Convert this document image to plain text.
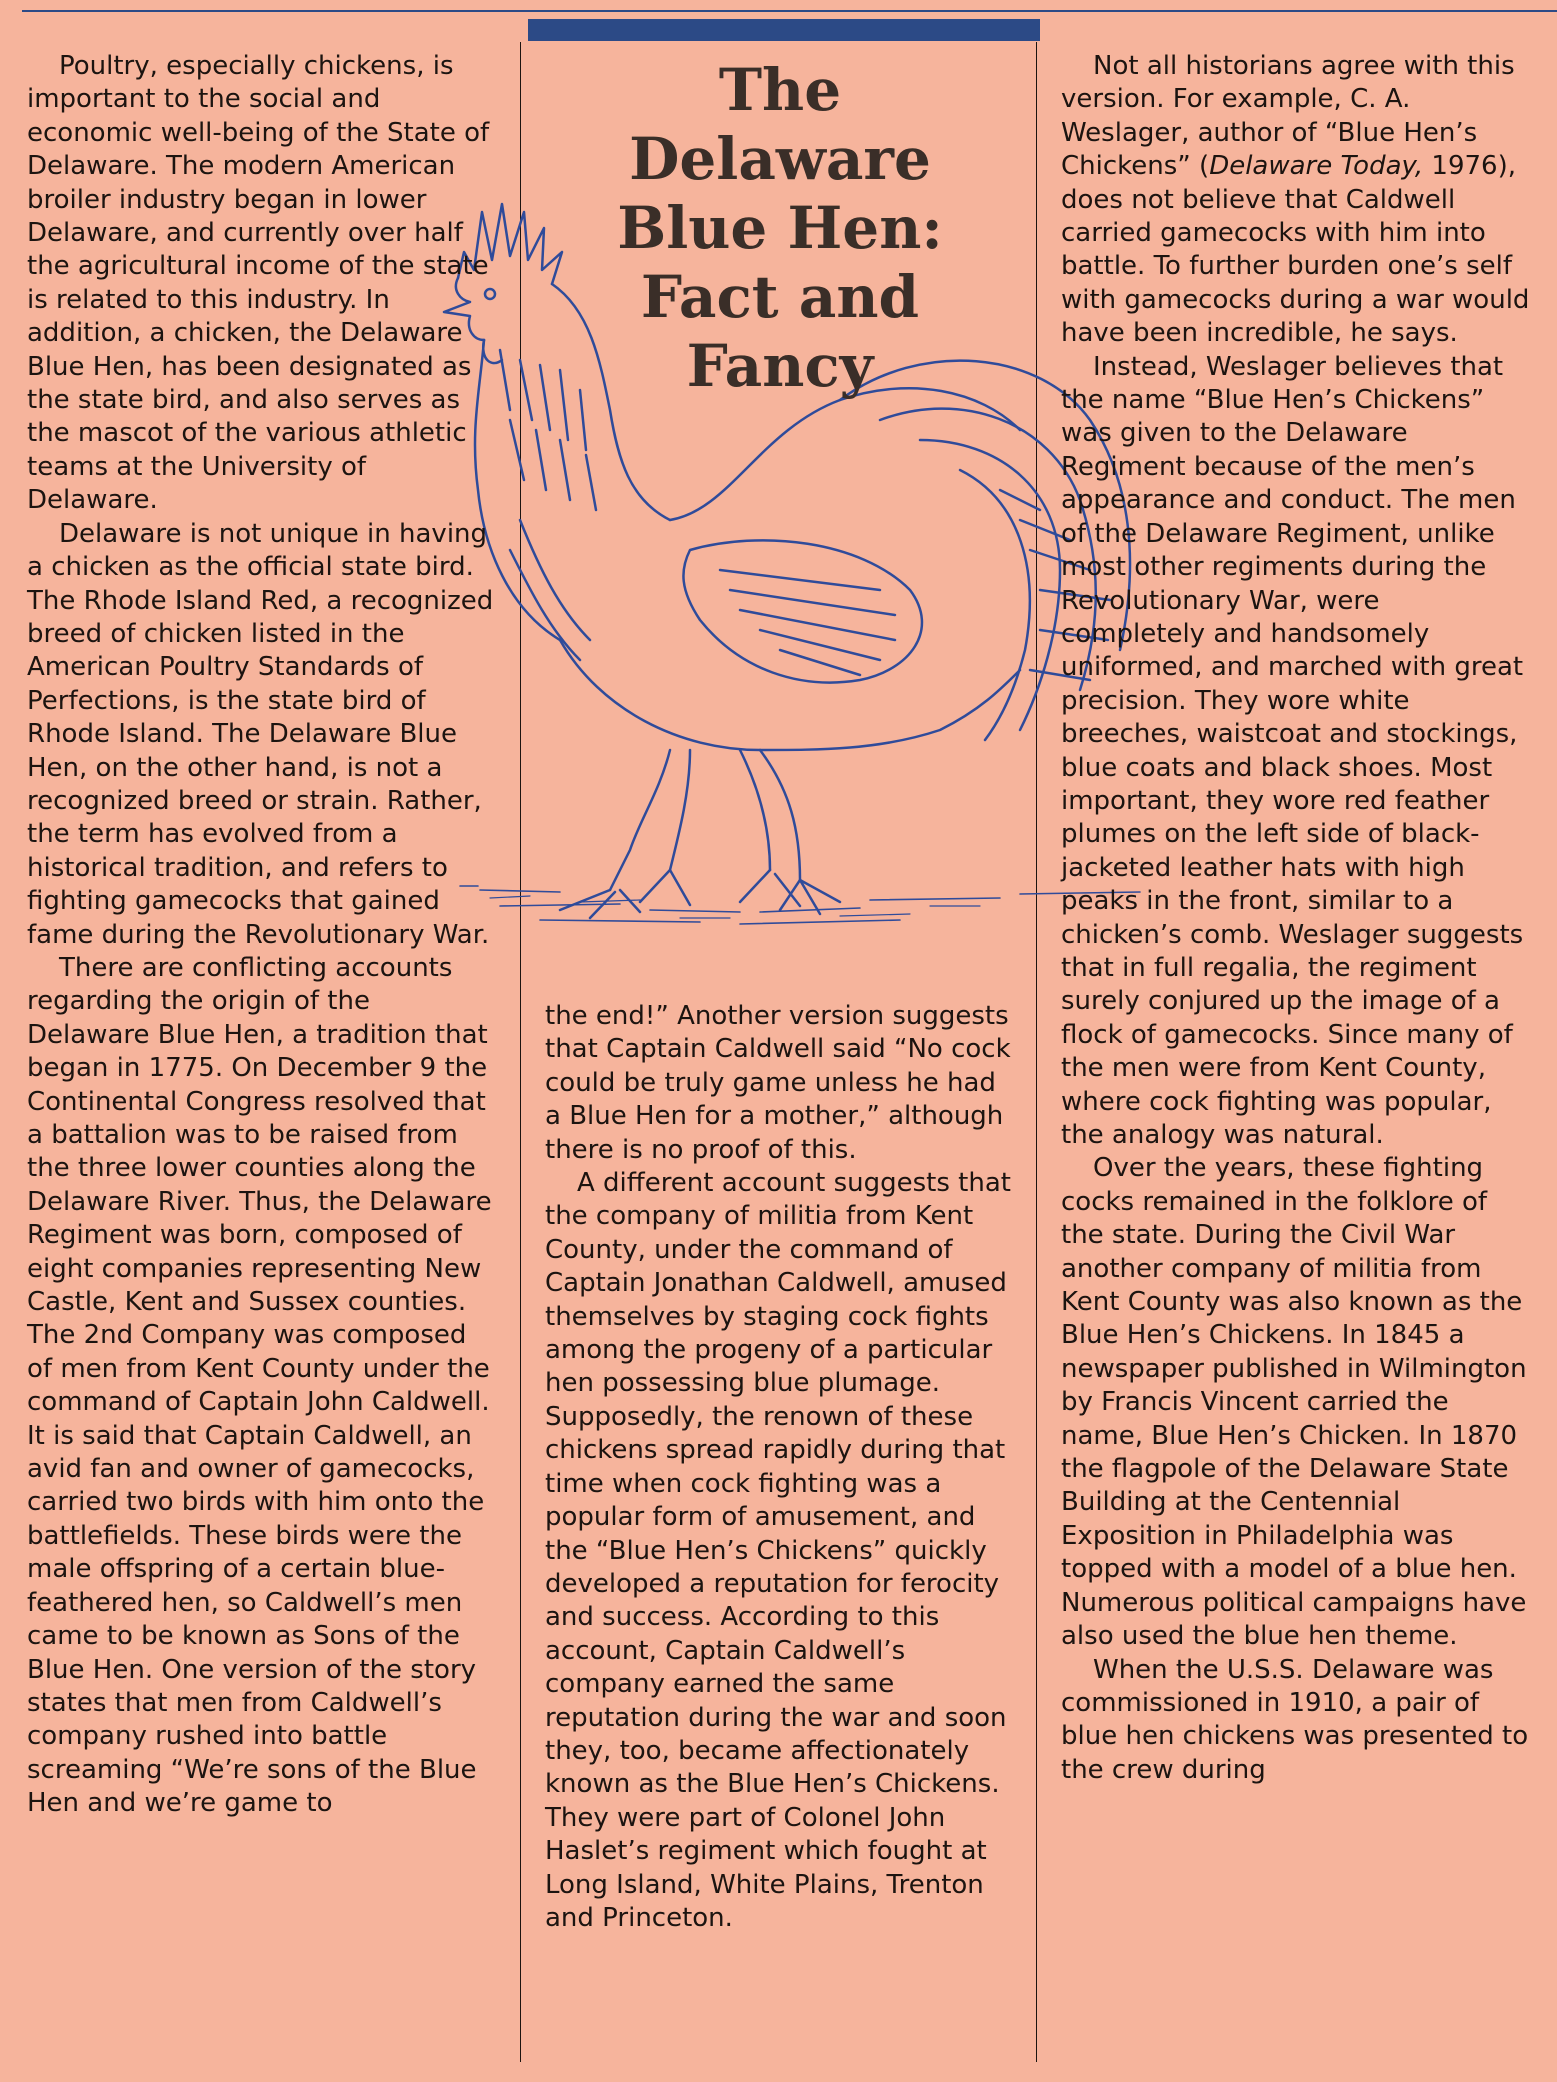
The
Delaware
Blue Hen:
Fact and
Fancy

Poultry, especially chickens, is important to the social and economic well-being of the State of Delaware. The modern American broiler industry began in lower Delaware, and currently over half the agricultural income of the state is related to this industry. In addition, a chicken, the Delaware Blue Hen, has been designated as the state bird, and also serves as the mascot of the various athletic teams at the University of Delaware.

Delaware is not unique in having a chicken as the official state bird. The Rhode Island Red, a recognized breed of chicken listed in the American Poultry Standards of Perfections, is the state bird of Rhode Island. The Delaware Blue Hen, on the other hand, is not a recognized breed or strain. Rather, the term has evolved from a historical tradition, and refers to fighting gamecocks that gained fame during the Revolutionary War.

There are conflicting accounts regarding the origin of the Delaware Blue Hen, a tradition that began in 1775. On December 9 the Continental Congress resolved that a battalion was to be raised from the three lower counties along the Delaware River. Thus, the Delaware Regiment was born, composed of eight companies representing New Castle, Kent and Sussex counties. The 2nd Company was composed of men from Kent County under the command of Captain John Caldwell. It is said that Captain Caldwell, an avid fan and owner of gamecocks, carried two birds with him onto the battlefields. These birds were the male offspring of a certain blue-feathered hen, so Caldwell’s men came to be known as Sons of the Blue Hen. One version of the story states that men from Caldwell’s company rushed into battle screaming “We’re sons of the Blue Hen and we’re game to

the end!” Another version suggests that Captain Caldwell said “No cock could be truly game unless he had a Blue Hen for a mother,” although there is no proof of this.

A different account suggests that the company of militia from Kent County, under the command of Captain Jonathan Caldwell, amused themselves by staging cock fights among the progeny of a particular hen possessing blue plumage. Supposedly, the renown of these chickens spread rapidly during that time when cock fighting was a popular form of amusement, and the “Blue Hen’s Chickens” quickly developed a reputation for ferocity and success. According to this account, Captain Caldwell’s company earned the same reputation during the war and soon they, too, became affectionately known as the Blue Hen’s Chickens. They were part of Colonel John Haslet’s regiment which fought at Long Island, White Plains, Trenton and Princeton.

Not all historians agree with this version. For example, C. A. Weslager, author of “Blue Hen’s Chickens” (Delaware Today, 1976), does not believe that Caldwell carried gamecocks with him into battle. To further burden one’s self with gamecocks during a war would have been incredible, he says.

Instead, Weslager believes that the name “Blue Hen’s Chickens” was given to the Delaware Regiment because of the men’s appearance and conduct. The men of the Delaware Regiment, unlike most other regiments during the Revolutionary War, were completely and handsomely uniformed, and marched with great precision. They wore white breeches, waistcoat and stockings, blue coats and black shoes. Most important, they wore red feather plumes on the left side of black-jacketed leather hats with high peaks in the front, similar to a chicken’s comb. Weslager suggests that in full regalia, the regiment surely conjured up the image of a flock of gamecocks. Since many of the men were from Kent County, where cock fighting was popular, the analogy was natural.

Over the years, these fighting cocks remained in the folklore of the state. During the Civil War another company of militia from Kent County was also known as the Blue Hen’s Chickens. In 1845 a newspaper published in Wilmington by Francis Vincent carried the name, Blue Hen’s Chicken. In 1870 the flagpole of the Delaware State Building at the Centennial Exposition in Philadelphia was topped with a model of a blue hen. Numerous political campaigns have also used the blue hen theme.

When the U.S.S. Delaware was commissioned in 1910, a pair of blue hen chickens was presented to the crew during
